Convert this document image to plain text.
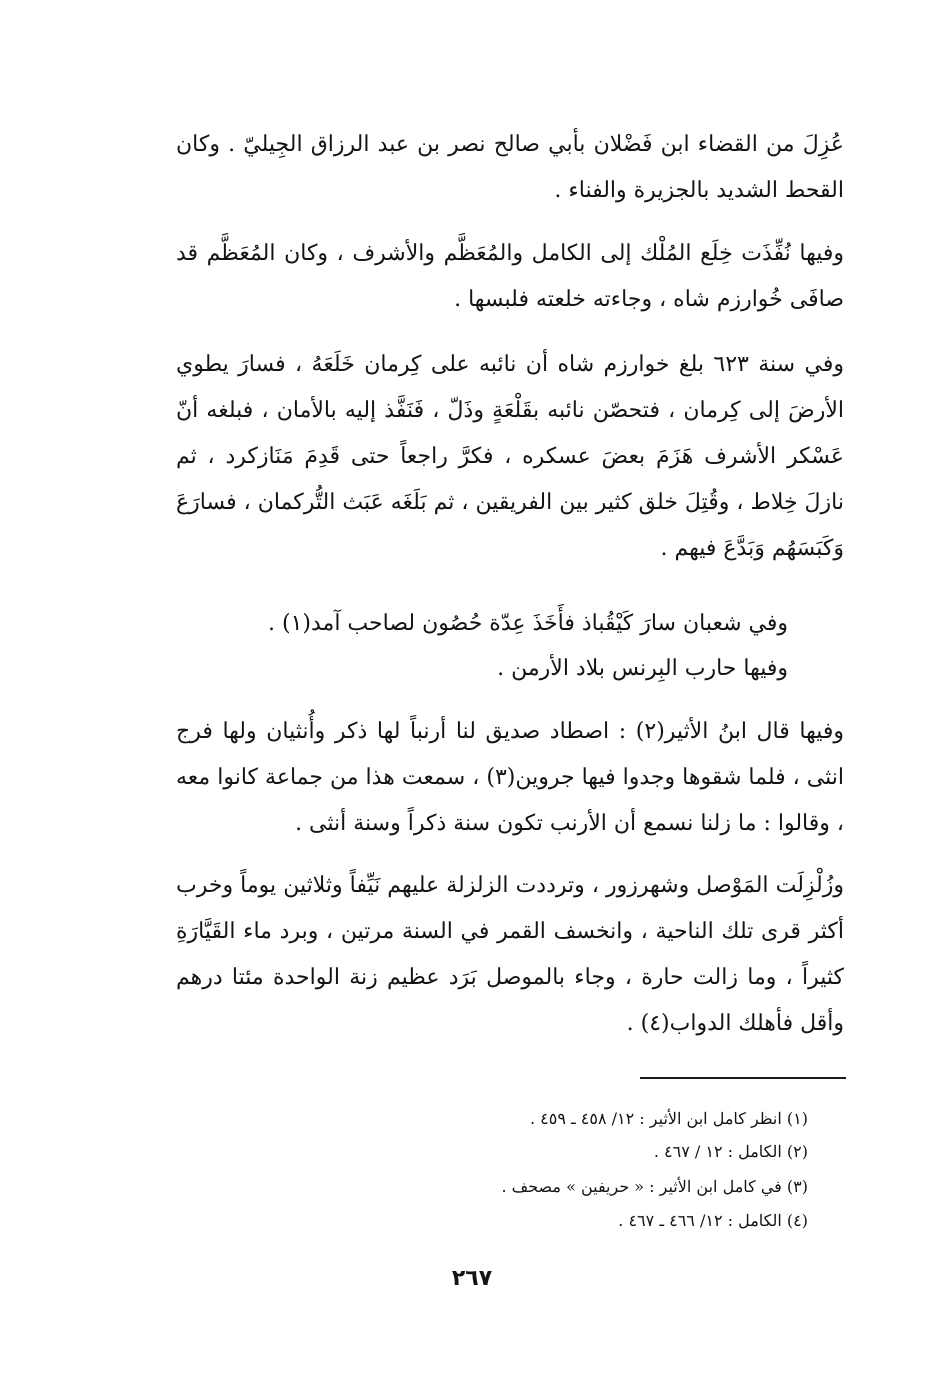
عُزِلَ من القضاء ابن فَضْلان بأبي صالح نصر بن عبد الرزاق الجِيليّ . وكان القحط الشديد بالجزيرة والفناء .

وفيها نُفِّذَت خِلَع المُلْك إلى الكامل والمُعَظَّم والأشرف ، وكان المُعَظَّم قد صافَى خُوارزم شاه ، وجاءته خلعته فلبسها .

وفي سنة ٦٢٣ بلغ خوارزم شاه أن نائبه على كِرمان خَلَعَهُ ، فسارَ يطوي الأرضَ إلى كِرمان ، فتحصّن نائبه بقَلْعَةٍ وذَلّ ، فَنَفَّذ إليه بالأمان ، فبلغه أنّ عَسْكر الأشرف هَزَمَ بعضَ عسكره ، فكرَّ راجعاً حتى قَدِمَ مَنَازكرد ، ثم نازلَ خِلاط ، وقُتِلَ خلق كثير بين الفريقين ، ثم بَلَغَه عَبَث التُّركمان ، فسارَعَ وَكَبَسَهُم وَبَدَّعَ فيهم .

وفي شعبان سارَ كَيْقُباذ فأَخَذَ عِدّة حُصُون لصاحب آمد(١) .

وفيها حارب البِرنس بلاد الأرمن .

وفيها قال ابنُ الأثير(٢) : اصطاد صديق لنا أرنباً لها ذكر وأُنثيان ولها فرج انثى ، فلما شقوها وجدوا فيها جروين(٣) ، سمعت هذا من جماعة كانوا معه ، وقالوا : ما زلنا نسمع أن الأرنب تكون سنة ذكراً وسنة أنثى .

وزُلْزِلَت المَوْصل وشهرزور ، وترددت الزلزلة عليهم نَيِّفاً وثلاثين يوماً وخرب أكثر قرى تلك الناحية ، وانخسف القمر في السنة مرتين ، وبرد ماء القَيَّارَةِ كثيراً ، وما زالت حارة ، وجاء بالموصل بَرَد عظيم زنة الواحدة مئتا درهم وأقل فأهلك الدواب(٤) .

(١) انظر كامل ابن الأثير : ١٢/ ٤٥٨ ـ ٤٥٩ .

(٢) الكامل : ١٢ / ٤٦٧ .

(٣) في كامل ابن الأثير : « حريفين » مصحف .

(٤) الكامل : ١٢/ ٤٦٦ ـ ٤٦٧ .

٢٦٧
